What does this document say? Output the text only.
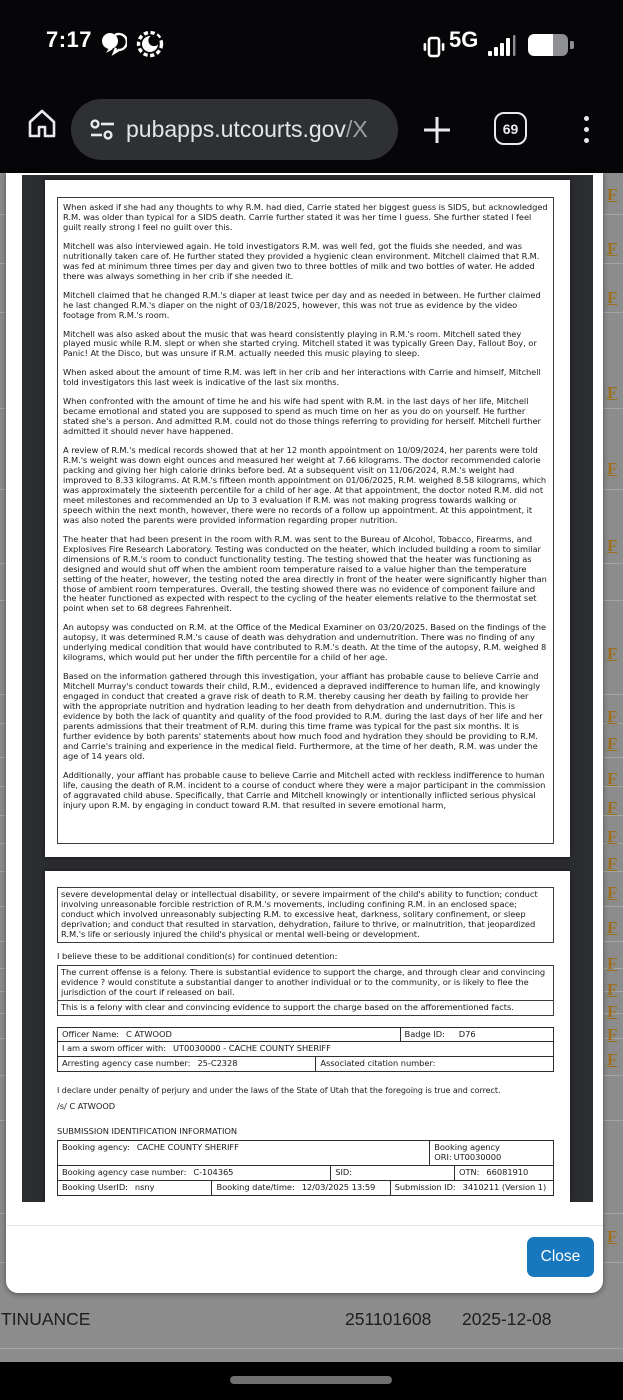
7:17	5G
pubapps.utcourts.gov/X	69
F
F
F
F
F
F
F
F
F
F
F
F
F
F
F
F
F
F
F
F
F
TINUANCE	251101608 2025-12-08

When asked if she had any thoughts to why R.M. had died, Carrie stated her biggest guess is SIDS, but acknowledged R.M. was older than typical for a SIDS death. Carrie further stated it was her time I guess. She further stated I feel guilt really strong I feel no guilt over this.

Mitchell was also interviewed again. He told investigators R.M. was well fed, got the fluids she needed, and was nutritionally taken care of. He further stated they provided a hygienic clean environment. Mitchell claimed that R.M. was fed at minimum three times per day and given two to three bottles of milk and two bottles of water. He added there was always something in her crib if she needed it.

Mitchell claimed that he changed R.M.'s diaper at least twice per day and as needed in between. He further claimed he last changed R.M.'s diaper on the night of 03/18/2025, however, this was not true as evidence by the video footage from R.M.'s room.

Mitchell was also asked about the music that was heard consistently playing in R.M.'s room. Mitchell sated they played music while R.M. slept or when she started crying. Mitchell stated it was typically Green Day, Fallout Boy, or Panic! At the Disco, but was unsure if R.M. actually needed this music playing to sleep.

When asked about the amount of time R.M. was left in her crib and her interactions with Carrie and himself, Mitchell told investigators this last week is indicative of the last six months.

When confronted with the amount of time he and his wife had spent with R.M. in the last days of her life, Mitchell became emotional and stated you are supposed to spend as much time on her as you do on yourself. He further stated she's a person. And admitted R.M. could not do those things referring to providing for herself. Mitchell further admitted it should never have happened.

A review of R.M.'s medical records showed that at her 12 month appointment on 10/09/2024, her parents were told R.M.'s weight was down eight ounces and measured her weight at 7.66 kilograms. The doctor recommended calorie packing and giving her high calorie drinks before bed. At a subsequent visit on 11/06/2024, R.M.'s weight had improved to 8.33 kilograms. At R.M.'s fifteen month appointment on 01/06/2025, R.M. weighed 8.58 kilograms, which was approximately the sixteenth percentile for a child of her age. At that appointment, the doctor noted R.M. did not meet milestones and recommended an Up to 3 evaluation if R.M. was not making progress towards walking or speech within the next month, however, there were no records of a follow up appointment. At this appointment, it was also noted the parents were provided information regarding proper nutrition.

The heater that had been present in the room with R.M. was sent to the Bureau of Alcohol, Tobacco, Firearms, and Explosives Fire Research Laboratory. Testing was conducted on the heater, which included building a room to similar dimensions of R.M.'s room to conduct functionality testing. The testing showed that the heater was functioning as designed and would shut off when the ambient room temperature raised to a value higher than the temperature setting of the heater, however, the testing noted the area directly in front of the heater were significantly higher than those of ambient room temperatures. Overall, the testing showed there was no evidence of component failure and the heater functioned as expected with respect to the cycling of the heater elements relative to the thermostat set point when set to 68 degrees Fahrenheit.

An autopsy was conducted on R.M. at the Office of the Medical Examiner on 03/20/2025. Based on the findings of the autopsy, it was determined R.M.'s cause of death was dehydration and undernutrition. There was no finding of any underlying medical condition that would have contributed to R.M.'s death. At the time of the autopsy, R.M. weighed 8 kilograms, which would put her under the fifth percentile for a child of her age.

Based on the information gathered through this investigation, your affiant has probable cause to believe Carrie and Mitchell Murray's conduct towards their child, R.M., evidenced a depraved indifference to human life, and knowingly engaged in conduct that created a grave risk of death to R.M. thereby causing her death by failing to provide her with the appropriate nutrition and hydration leading to her death from dehydration and undernutrition. This is evidence by both the lack of quantity and quality of the food provided to R.M. during the last days of her life and her parents admissions that their treatment of R.M. during this time frame was typical for the past six months. It is further evidence by both parents' statements about how much food and hydration they should be providing to R.M. and Carrie's training and experience in the medical field. Furthermore, at the time of her death, R.M. was under the age of 14 years old.

Additionally, your affiant has probable cause to believe Carrie and Mitchell acted with reckless indifference to human life, causing the death of R.M. incident to a course of conduct where they were a major participant in the commission of aggravated child abuse. Specifically, that Carrie and Mitchell knowingly or intentionally inflicted serious physical injury upon R.M. by engaging in conduct toward R.M. that resulted in severe emotional harm,

severe developmental delay or intellectual disability, or severe impairment of the child's ability to function; conduct involving unreasonable forcible restriction of R.M.'s movements, including confining R.M. in an enclosed space; conduct which involved unreasonably subjecting R.M. to excessive heat, darkness, solitary confinement, or sleep deprivation; and conduct that resulted in starvation, dehydration, failure to thrive, or malnutrition, that jeopardized R.M.'s life or seriously injured the child's physical or mental well-being or development.
I believe these to be additional condition(s) for continued detention:
The current offense is a felony. There is substantial evidence to support the charge, and through clear and convincing evidence ? would constitute a substantial danger to another individual or to the community, or is likely to flee the jurisdiction of the court if released on bail.
This is a felony with clear and convincing evidence to support the charge based on the afforementioned facts.
Officer Name: C ATWOOD	Badge ID: D76
I am a sworn officer with: UT0030000 - CACHE COUNTY SHERIFF
Arresting agency case number: 25-C2328	Associated citation number:
I declare under penalty of perjury and under the laws of the State of Utah that the foregoing is true and correct.
/s/ C ATWOOD
SUBMISSION IDENTIFICATION INFORMATION
Booking agency: CACHE COUNTY SHERIFF	Booking agency ORI: UT0030000
Booking agency case number: C-104365	SID:	OTN: 66081910
Booking UserID: nsny	Booking date/time: 12/03/2025 13:59	Submission ID: 3410211 (Version 1)
Close
